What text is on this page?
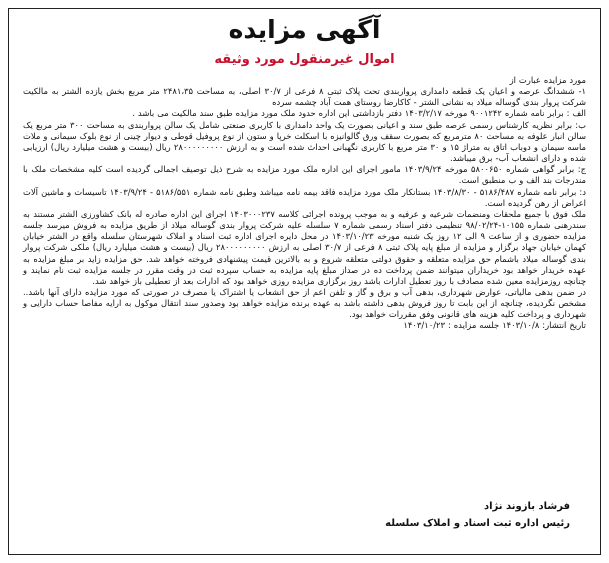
آگهی مزایده
اموال غیرمنقول مورد وثیقه

مورد مزایده عبارت از

۱- ششدانگ عرصه و اعیان یک قطعه دامداری پرواربندی تحت پلاک ثبتی ۸ فرعی از ۳۰/۷ اصلی، به مساحت ۲۴۸۱،۳۵ متر مربع بخش یازده الشتر به مالکیت شرکت پروار بندی گوساله میلاد به نشانی الشتر - کاکارضا روستای همت آباد چشمه سرده

الف : برابر نامه شماره ۹۰۰۱۲۴۲ مورخه ۱۴۰۳/۲/۱۷ دفتر بازداشتی این اداره حدود ملک مورد مزایده طبق سند مالکیت می باشد .

ب: برابر نظریه کارشناس رسمی عرصه طبق سند و اعیانی بصورت یک واحد دامداری با کاربری صنعتی شامل یک سالن پرواربندی به مساحت ۳۰۰ متر مربع یک سالن انبار علوفه به مساحت ۸۰ مترمربع که بصورت سقف ورق گالوانیزه با اسکلت خرپا و ستون از نوع پروفیل قوطی و دیوار چینی از نوع بلوک سیمانی و ملات ماسه سیمان و دوباب اتاق به متراژ ۱۵ و ۳۰ متر مربع با کاربری نگهبانی احداث شده است و به ارزش ۲۸۰۰۰۰۰۰۰۰۰ ریال (بیست و هشت میلیارد ریال) ارزیابی شده و دارای انشعاب آب- برق میباشد.

ج: برابر گواهی شماره ۵۸۰۰۶۵۰ مورخه ۱۴۰۳/۹/۲۴ مامور اجرای این اداره ملک مورد مزایده به شرح ذیل توصیف اجمالی گردیده است کلیه مشخصات ملک با مندرجات بند الف و ب منطبق است.

د: برابر نامه شماره ۵۱۸۶/۴۸۷ - ۱۴۰۳/۸/۳۰ بستانکار ملک مورد مزایده فاقد بیمه نامه میباشد وطبق نامه شماره ۵۱۸۶/۵۵۱ - ۱۴۰۳/۹/۲۴ تاسیسات و ماشین آلات اعراض از رهن گردیده است.

ملک فوق با جمیع ملحقات ومنضمات شرعیه و عرفیه و به موجب پرونده اجرائی کلاسه ۱۴۰۳۰۰۰۲۳۷ اجرای این اداره صادره له بانک کشاورزی الشتر مستند به سندرهنی شماره ۱۰۱۵۵-۹۸/۰۲/۲۴ تنظیمی دفتر اسناد رسمی شماره ۷ سلسله علیه شرکت پروار بندی گوساله میلاد از طریق مزایده به فروش میرسد جلسه مزایده حضوری و از ساعت ۹ الی ۱۲ روز یک شنبه مورخه ۱۴۰۳/۱۰/۲۳ در محل دایره اجرای اداره ثبت اسناد و املاک شهرستان سلسله واقع در الشتر خیابان کهمان خیابان جهاد برگزار و مزایده از مبلغ پایه پلاک ثبتی ۸ فرعی از ۳۰/۷ اصلی به ارزش ۲۸۰۰۰۰۰۰۰۰۰ ریال (بیست و هشت میلیارد ریال) ملکی شرکت پروار بندی گوساله میلاد باشمام حق مزایده متعلقه و حقوق دولتی متعلقه شروع و به بالاترین قیمت پیشنهادی فروخته خواهد شد. حق مزایده زاید بر مبلغ مزایده به عهده خریدار خواهد بود خریداران میتوانند ضمن پرداخت ده در صداز مبلغ پایه مزایده به حساب سپرده ثبت در وقت مقرر در جلسه مزایده ثبت نام نمایند و چنانچه روزمزایده معین شده مصادف با روز تعطیل ادارات باشد روز برگزاری مزایده روزی خواهد بود که ادارات بعد از تعطیلی باز خواهد شد.

در ضمن بدهی مالیاتی، عوارض شهرداری، بدهی آب و برق و گاز و تلفن اعم از حق انشعاب یا اشتراک یا مصرف در صورتی که مورد مزایده دارای آنها باشد.. مشخص نگردیده، چنانچه از این بابت تا روز فروش بدهی داشته باشد به عهده برنده مزایده خواهد بود وصدور سند انتقال موکول به ارایه مفاصا حساب دارایی و شهرداری و پرداخت کلیه هزینه های قانونی وفق مقررات خواهد بود.

تاریخ انتشار: ۱۴۰۳/۱۰/۸ جلسه مزایده : ۱۴۰۳/۱۰/۲۳

فرشاد بازوند نژاد
رئیس اداره ثبت اسناد و املاک سلسله
